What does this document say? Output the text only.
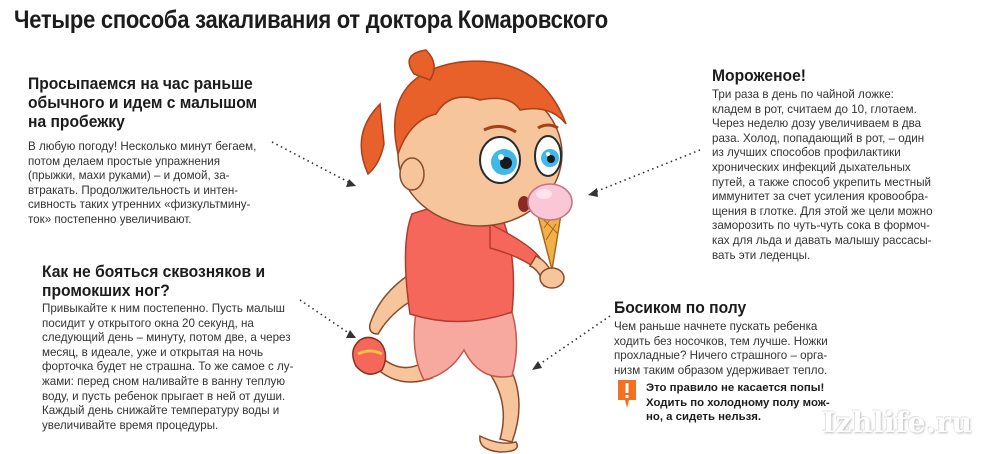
Четыре способа закаливания от доктора Комаровского
Просыпаемся на час раньше
обычного и идем с малышом
на пробежку
В любую погоду! Несколько минут бегаем,
потом делаем простые упражнения
(прыжки, махи руками) – и домой, за-
втракать. Продолжительность и интен-
сивность таких утренних «физкультмину-
ток» постепенно увеличивают.
Как не бояться сквозняков и
промокших ног?
Привыкайте к ним постепенно. Пусть малыш
посидит у открытого окна 20 секунд, на
следующий день – минуту, потом две, а через
месяц, в идеале, уже и открытая на ночь
форточка будет не страшна. То же самое с лу-
жами: перед сном наливайте в ванну теплую
воду, и пусть ребенок прыгает в ней от души.
Каждый день снижайте температуру воды и
увеличивайте время процедуры.
Мороженое!
Три раза в день по чайной ложке:
кладем в рот, считаем до 10, глотаем.
Через неделю дозу увеличиваем в два
раза. Холод, попадающий в рот, – один
из лучших способов профилактики
хронических инфекций дыхательных
путей, а также способ укрепить местный
иммунитет за счет усиления кровообра-
щения в глотке. Для этой же цели можно
заморозить по чуть-чуть сока в формоч-
ках для льда и давать малышу рассасы-
вать эти леденцы.
Босиком по полу
Чем раньше начнете пускать ребенка
ходить без носочков, тем лучше. Ножки
прохладные? Ничего страшного – орга-
низм таким образом удерживает тепло.
Это правило не касается попы!
Ходить по холодному полу мож-
но, а сидеть нельзя.	Izhlife.ru
